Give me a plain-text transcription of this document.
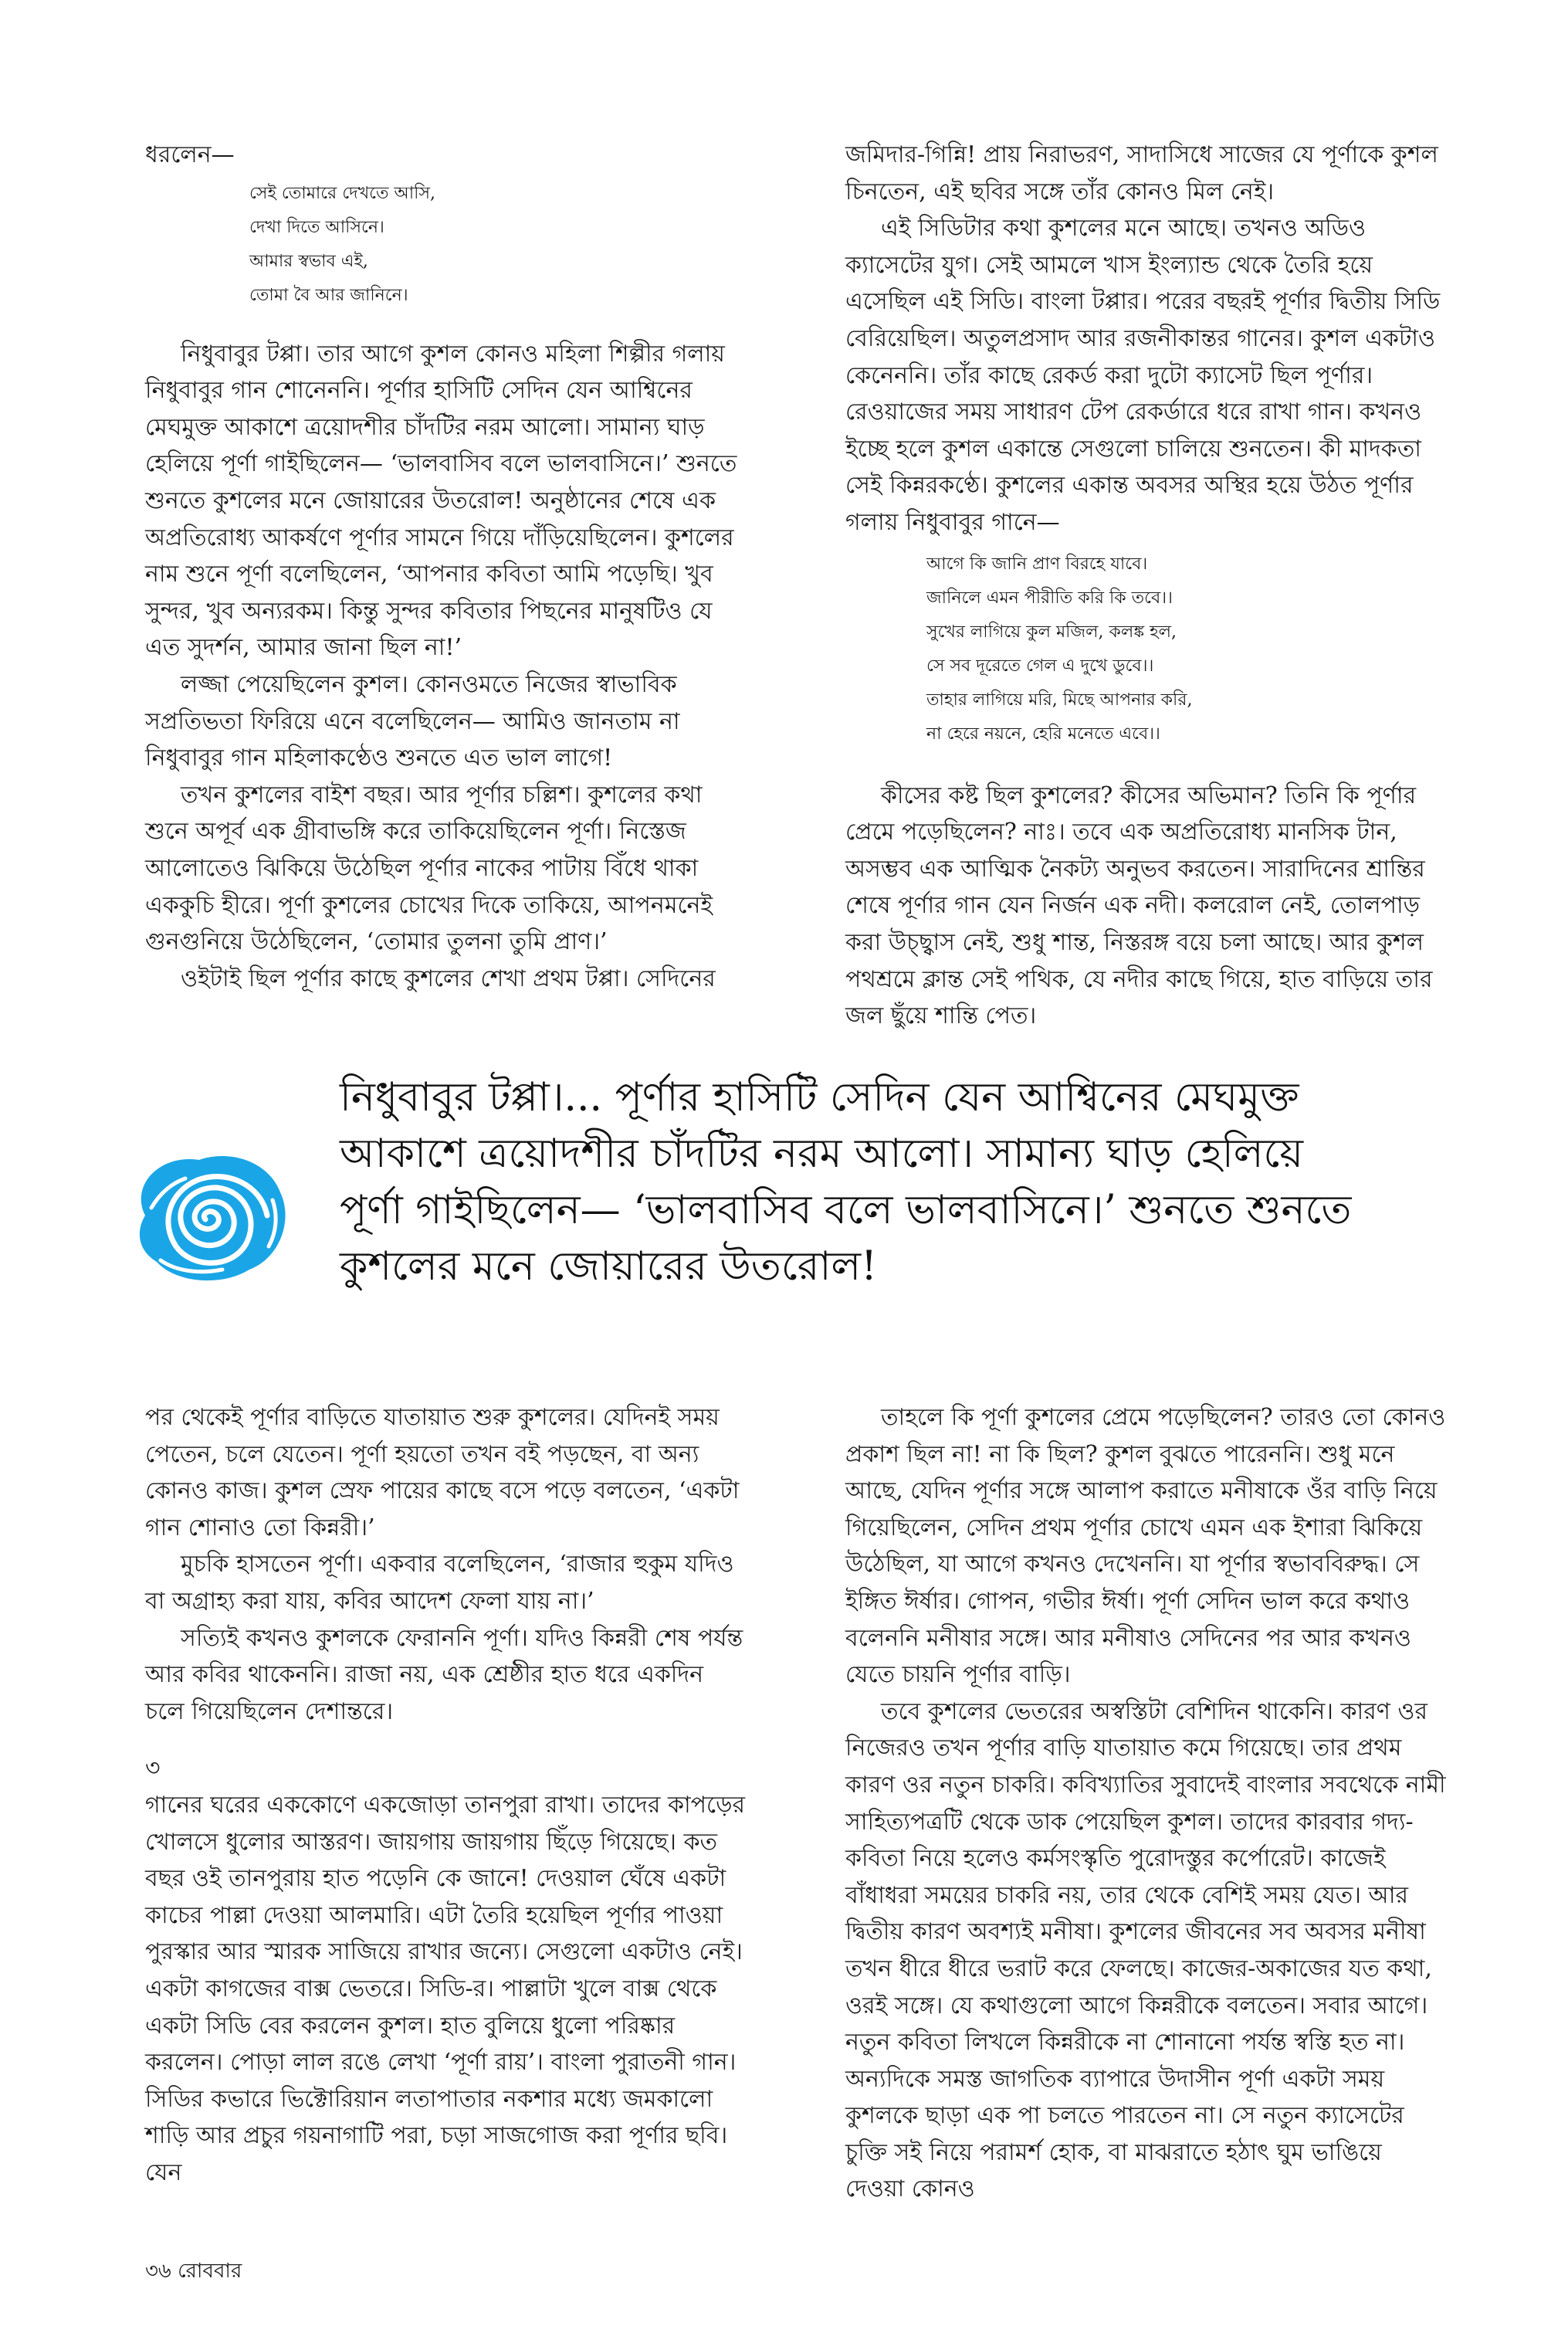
ধরলেন—

সেই তোমারে দেখতে আসি,
দেখা দিতে আসিনে।
আমার স্বভাব এই,
তোমা বৈ আর জানিনে।

নিধুবাবুর টপ্পা। তার আগে কুশল কোনও মহিলা শিল্পীর গলায় নিধুবাবুর গান শোনেননি। পূর্ণার হাসিটি সেদিন যেন আশ্বিনের মেঘমুক্ত আকাশে ত্রয়োদশীর চাঁদটির নরম আলো। সামান্য ঘাড় হেলিয়ে পূর্ণা গাইছিলেন— ‘ভালবাসিব বলে ভালবাসিনে।’ শুনতে শুনতে কুশলের মনে জোয়ারের উতরোল! অনুষ্ঠানের শেষে এক অপ্রতিরোধ্য আকর্ষণে পূর্ণার সামনে গিয়ে দাঁড়িয়েছিলেন। কুশলের নাম শুনে পূর্ণা বলেছিলেন, ‘আপনার কবিতা আমি পড়েছি। খুব সুন্দর, খুব অন্যরকম। কিন্তু সুন্দর কবিতার পিছনের মানুষটিও যে এত সুদর্শন, আমার জানা ছিল না!’

লজ্জা পেয়েছিলেন কুশল। কোনওমতে নিজের স্বাভাবিক সপ্রতিভতা ফিরিয়ে এনে বলেছিলেন— আমিও জানতাম না নিধুবাবুর গান মহিলাকণ্ঠেও শুনতে এত ভাল লাগে!

তখন কুশলের বাইশ বছর। আর পূর্ণার চল্লিশ। কুশলের কথা শুনে অপূর্ব এক গ্রীবাভঙ্গি করে তাকিয়েছিলেন পূর্ণা। নিস্তেজ আলোতেও ঝিকিয়ে উঠেছিল পূর্ণার নাকের পাটায় বিঁধে থাকা এককুচি হীরে। পূর্ণা কুশলের চোখের দিকে তাকিয়ে, আপনমনেই গুনগুনিয়ে উঠেছিলেন, ‘তোমার তুলনা তুমি প্রাণ।’

ওইটাই ছিল পূর্ণার কাছে কুশলের শেখা প্রথম টপ্পা। সেদিনের

জমিদার-গিন্নি! প্রায় নিরাভরণ, সাদাসিধে সাজের যে পূর্ণাকে কুশল চিনতেন, এই ছবির সঙ্গে তাঁর কোনও মিল নেই।

এই সিডিটার কথা কুশলের মনে আছে। তখনও অডিও ক্যাসেটের যুগ। সেই আমলে খাস ইংল্যান্ড থেকে তৈরি হয়ে এসেছিল এই সিডি। বাংলা টপ্পার। পরের বছরই পূর্ণার দ্বিতীয় সিডি বেরিয়েছিল। অতুলপ্রসাদ আর রজনীকান্তর গানের। কুশল একটাও কেনেননি। তাঁর কাছে রেকর্ড করা দুটো ক্যাসেট ছিল পূর্ণার। রেওয়াজের সময় সাধারণ টেপ রেকর্ডারে ধরে রাখা গান। কখনও ইচ্ছে হলে কুশল একান্তে সেগুলো চালিয়ে শুনতেন। কী মাদকতা সেই কিন্নরকণ্ঠে। কুশলের একান্ত অবসর অস্থির হয়ে উঠত পূর্ণার গলায় নিধুবাবুর গানে—

আগে কি জানি প্রাণ বিরহে যাবে।
জানিলে এমন পীরীতি করি কি তবে।।
সুখের লাগিয়ে কুল মজিল, কলঙ্ক হল,
সে সব দূরেতে গেল এ দুখে ডুবে।।
তাহার লাগিয়ে মরি, মিছে আপনার করি,
না হেরে নয়নে, হেরি মনেতে এবে।।

কীসের কষ্ট ছিল কুশলের? কীসের অভিমান? তিনি কি পূর্ণার প্রেমে পড়েছিলেন? নাঃ। তবে এক অপ্রতিরোধ্য মানসিক টান, অসম্ভব এক আত্মিক নৈকট্য অনুভব করতেন। সারাদিনের শ্রান্তির শেষে পূর্ণার গান যেন নির্জন এক নদী। কলরোল নেই, তোলপাড় করা উচ্ছ্বাস নেই, শুধু শান্ত, নিস্তরঙ্গ বয়ে চলা আছে। আর কুশল পথশ্রমে ক্লান্ত সেই পথিক, যে নদীর কাছে গিয়ে, হাত বাড়িয়ে তার জল ছুঁয়ে শান্তি পেত।

নিধুবাবুর টপ্পা।... পূর্ণার হাসিটি সেদিন যেন আশ্বিনের মেঘমুক্ত
আকাশে ত্রয়োদশীর চাঁদটির নরম আলো। সামান্য ঘাড় হেলিয়ে
পূর্ণা গাইছিলেন— ‘ভালবাসিব বলে ভালবাসিনে।’ শুনতে শুনতে
কুশলের মনে জোয়ারের উতরোল!

পর থেকেই পূর্ণার বাড়িতে যাতায়াত শুরু কুশলের। যেদিনই সময় পেতেন, চলে যেতেন। পূর্ণা হয়তো তখন বই পড়ছেন, বা অন্য কোনও কাজ। কুশল স্রেফ পায়ের কাছে বসে পড়ে বলতেন, ‘একটা গান শোনাও তো কিন্নরী।’

মুচকি হাসতেন পূর্ণা। একবার বলেছিলেন, ‘রাজার হুকুম যদিও বা অগ্রাহ্য করা যায়, কবির আদেশ ফেলা যায় না।’

সত্যিই কখনও কুশলকে ফেরাননি পূর্ণা। যদিও কিন্নরী শেষ পর্যন্ত আর কবির থাকেননি। রাজা নয়, এক শ্রেষ্ঠীর হাত ধরে একদিন চলে গিয়েছিলেন দেশান্তরে।

৩

গানের ঘরের এককোণে একজোড়া তানপুরা রাখা। তাদের কাপড়ের খোলসে ধুলোর আস্তরণ। জায়গায় জায়গায় ছিঁড়ে গিয়েছে। কত বছর ওই তানপুরায় হাত পড়েনি কে জানে! দেওয়াল ঘেঁষে একটা কাচের পাল্লা দেওয়া আলমারি। এটা তৈরি হয়েছিল পূর্ণার পাওয়া পুরস্কার আর স্মারক সাজিয়ে রাখার জন্যে। সেগুলো একটাও নেই। একটা কাগজের বাক্স ভেতরে। সিডি-র। পাল্লাটা খুলে বাক্স থেকে একটা সিডি বের করলেন কুশল। হাত বুলিয়ে ধুলো পরিষ্কার করলেন। পোড়া লাল রঙে লেখা ‘পূর্ণা রায়’। বাংলা পুরাতনী গান। সিডির কভারে ভিক্টোরিয়ান লতাপাতার নকশার মধ্যে জমকালো শাড়ি আর প্রচুর গয়নাগাটি পরা, চড়া সাজগোজ করা পূর্ণার ছবি। যেন

তাহলে কি পূর্ণা কুশলের প্রেমে পড়েছিলেন? তারও তো কোনও প্রকাশ ছিল না! না কি ছিল? কুশল বুঝতে পারেননি। শুধু মনে আছে, যেদিন পূর্ণার সঙ্গে আলাপ করাতে মনীষাকে ওঁর বাড়ি নিয়ে গিয়েছিলেন, সেদিন প্রথম পূর্ণার চোখে এমন এক ইশারা ঝিকিয়ে উঠেছিল, যা আগে কখনও দেখেননি। যা পূর্ণার স্বভাববিরুদ্ধ। সে ইঙ্গিত ঈর্ষার। গোপন, গভীর ঈর্ষা। পূর্ণা সেদিন ভাল করে কথাও বলেননি মনীষার সঙ্গে। আর মনীষাও সেদিনের পর আর কখনও যেতে চায়নি পূর্ণার বাড়ি।

তবে কুশলের ভেতরের অস্বস্তিটা বেশিদিন থাকেনি। কারণ ওর নিজেরও তখন পূর্ণার বাড়ি যাতায়াত কমে গিয়েছে। তার প্রথম কারণ ওর নতুন চাকরি। কবিখ্যাতির সুবাদেই বাংলার সবথেকে নামী সাহিত্যপত্রটি থেকে ডাক পেয়েছিল কুশল। তাদের কারবার গদ্য-কবিতা নিয়ে হলেও কর্মসংস্কৃতি পুরোদস্তুর কর্পোরেট। কাজেই বাঁধাধরা সময়ের চাকরি নয়, তার থেকে বেশিই সময় যেত। আর দ্বিতীয় কারণ অবশ্যই মনীষা। কুশলের জীবনের সব অবসর মনীষা তখন ধীরে ধীরে ভরাট করে ফেলছে। কাজের-অকাজের যত কথা, ওরই সঙ্গে। যে কথাগুলো আগে কিন্নরীকে বলতেন। সবার আগে। নতুন কবিতা লিখলে কিন্নরীকে না শোনানো পর্যন্ত স্বস্তি হত না। অন্যদিকে সমস্ত জাগতিক ব্যাপারে উদাসীন পূর্ণা একটা সময় কুশলকে ছাড়া এক পা চলতে পারতেন না। সে নতুন ক্যাসেটের চুক্তি সই নিয়ে পরামর্শ হোক, বা মাঝরাতে হঠাৎ ঘুম ভাঙিয়ে দেওয়া কোনও

৩৬ রোববার
